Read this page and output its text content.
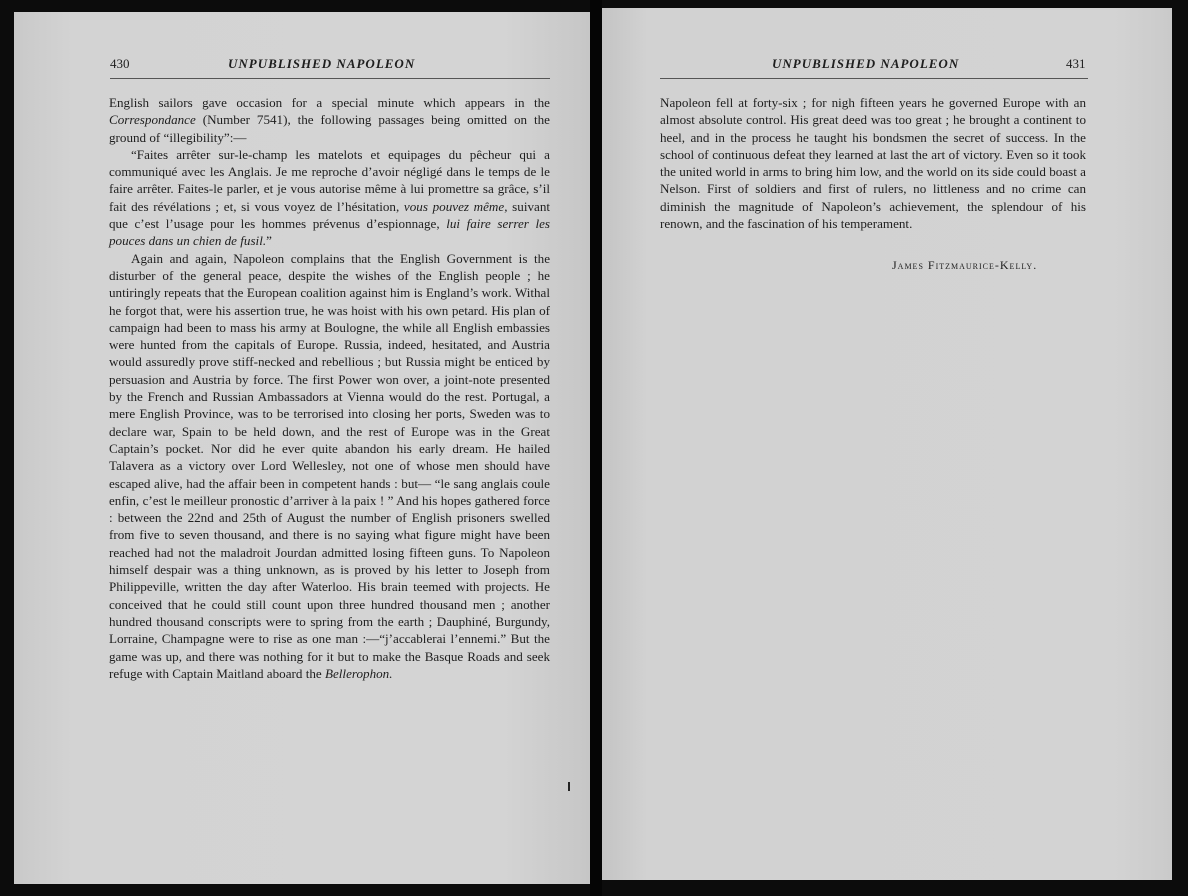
430	UNPUBLISHED NAPOLEON

English sailors gave occasion for a special minute which appears in the Correspondance (Number 7541), the following passages being omitted on the ground of “illegibility”:—

“Faites arrêter sur-le-champ les matelots et equipages du pêcheur qui a communiqué avec les Anglais. Je me reproche d’avoir négligé dans le temps de le faire arrêter. Faites-le parler, et je vous autorise même à lui promettre sa grâce, s’il fait des révélations ; et, si vous voyez de l’hésitation, vous pouvez même, suivant que c’est l’usage pour les hommes prévenus d’espionnage, lui faire serrer les pouces dans un chien de fusil.”

Again and again, Napoleon complains that the English Government is the disturber of the general peace, despite the wishes of the English people ; he untiringly repeats that the European coalition against him is England’s work. Withal he forgot that, were his assertion true, he was hoist with his own petard. His plan of campaign had been to mass his army at Boulogne, the while all English embassies were hunted from the capitals of Europe. Russia, indeed, hesitated, and Austria would assuredly prove stiff-necked and rebellious ; but Russia might be enticed by persuasion and Austria by force. The first Power won over, a joint-note presented by the French and Russian Ambassadors at Vienna would do the rest. Portugal, a mere English Province, was to be terrorised into closing her ports, Sweden was to declare war, Spain to be held down, and the rest of Europe was in the Great Captain’s pocket. Nor did he ever quite abandon his early dream. He hailed Talavera as a victory over Lord Wellesley, not one of whose men should have escaped alive, had the affair been in competent hands : but— “le sang anglais coule enfin, c’est le meilleur pronostic d’arriver à la paix ! ” And his hopes gathered force : between the 22nd and 25th of August the number of English prisoners swelled from five to seven thousand, and there is no saying what figure might have been reached had not the maladroit Jourdan admitted losing fifteen guns. To Napoleon himself despair was a thing unknown, as is proved by his letter to Joseph from Philippeville, written the day after Waterloo. His brain teemed with projects. He conceived that he could still count upon three hundred thousand men ; another hundred thousand conscripts were to spring from the earth ; Dauphiné, Burgundy, Lorraine, Champagne were to rise as one man :—“j’accablerai l’ennemi.” But the game was up, and there was nothing for it but to make the Basque Roads and seek refuge with Captain Maitland aboard the Bellerophon.

UNPUBLISHED NAPOLEON	431

Napoleon fell at forty-six ; for nigh fifteen years he governed Europe with an almost absolute control. His great deed was too great ; he brought a continent to heel, and in the process he taught his bondsmen the secret of success. In the school of continuous defeat they learned at last the art of victory. Even so it took the united world in arms to bring him low, and the world on its side could boast a Nelson. First of soldiers and first of rulers, no littleness and no crime can diminish the magnitude of Napoleon’s achievement, the splendour of his renown, and the fascination of his temperament.

James Fitzmaurice-Kelly.
